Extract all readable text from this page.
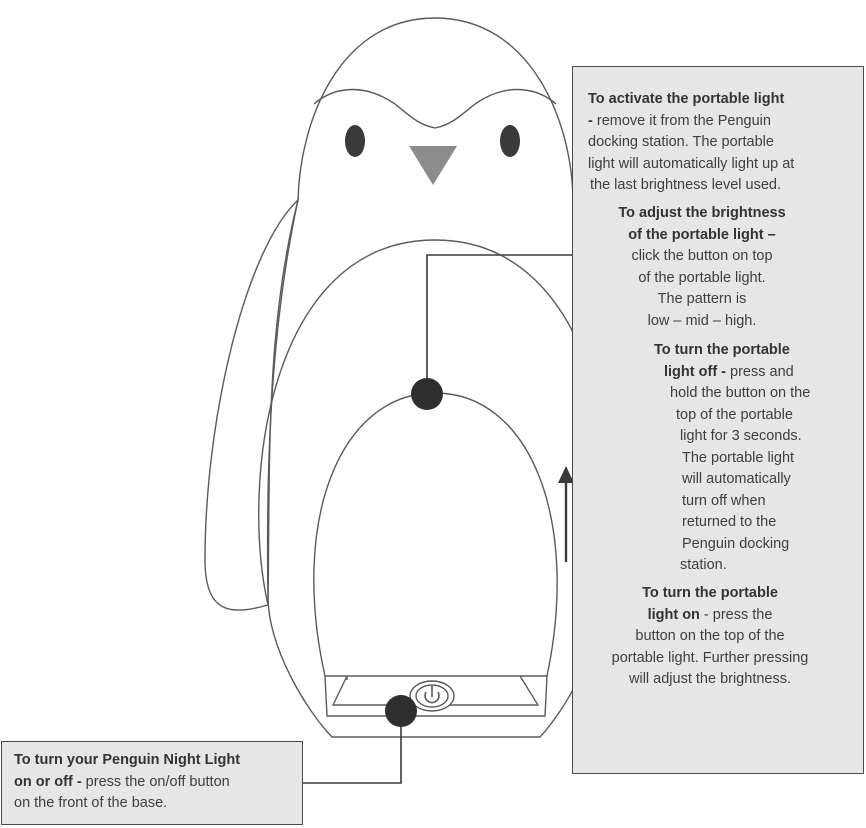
To activate the portable light
- remove it from the Penguin
docking station. The portable
light will automatically light up at
the last brightness level used.
To adjust the brightness
of the portable light –
click the button on top
of the portable light.
The pattern is
low – mid – high.
To turn the portable
light off - press and
hold the button on the
top of the portable
light for 3 seconds.
The portable light
will automatically
turn off when
returned to the
Penguin docking
station.
To turn the portable
light on - press the
button on the top of the
portable light. Further pressing
will adjust the brightness.
To turn your Penguin Night Light
on or off - press the on/off button
on the front of the base.
